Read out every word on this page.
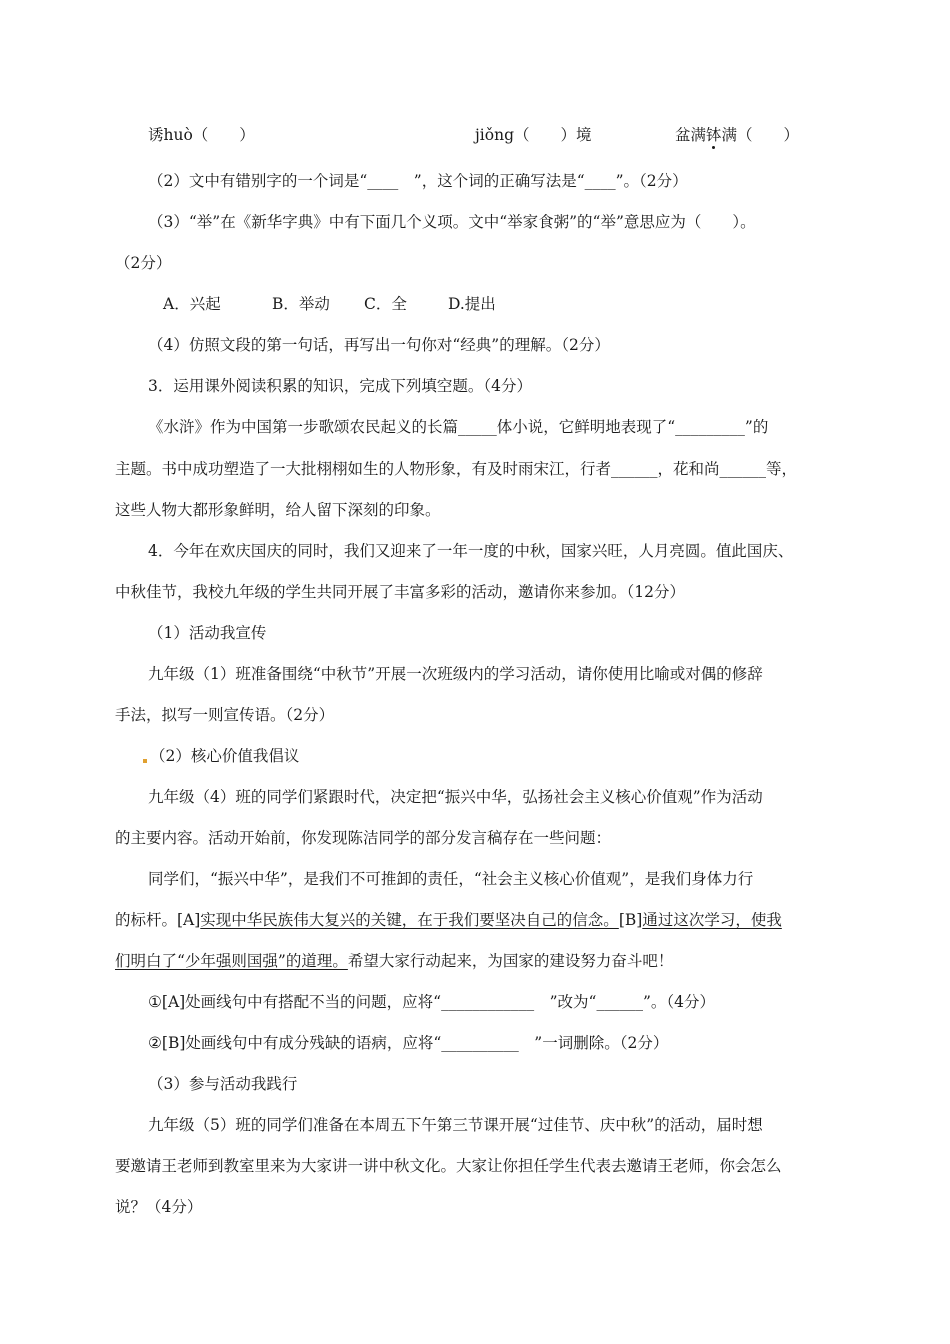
诱huò（　　）	jiǒng（　　）境	盆满钵满（　　）
（2）文中有错别字的一个词是“____　”，这个词的正确写法是“____”。（2分）
（3）“举”在《新华字典》中有下面几个义项。文中“举家食粥”的“举”意思应为（　　）。
（2分）
A．兴起	B．举动 C．全	D.提出
（4）仿照文段的第一句话，再写出一句你对“经典”的理解。（2分）
3．运用课外阅读积累的知识，完成下列填空题。（4分）
《水浒》作为中国第一步歌颂农民起义的长篇_____体小说，它鲜明地表现了“_________”的
主题。书中成功塑造了一大批栩栩如生的人物形象，有及时雨宋江，行者______，花和尚______等，
这些人物大都形象鲜明，给人留下深刻的印象。
4．今年在欢庆国庆的同时，我们又迎来了一年一度的中秋，国家兴旺，人月亮圆。值此国庆、
中秋佳节，我校九年级的学生共同开展了丰富多彩的活动，邀请你来参加。（12分）
（1）活动我宣传
九年级（1）班准备围绕“中秋节”开展一次班级内的学习活动，请你使用比喻或对偶的修辞
手法，拟写一则宣传语。（2分）
（2）核心价值我倡议
九年级（4）班的同学们紧跟时代，决定把“振兴中华，弘扬社会主义核心价值观”作为活动
的主要内容。活动开始前，你发现陈洁同学的部分发言稿存在一些问题：
同学们，“振兴中华”，是我们不可推卸的责任，“社会主义核心价值观”，是我们身体力行
的标杆。[A]实现中华民族伟大复兴的关键，在于我们要坚决自己的信念。[B]通过这次学习，使我
们明白了“少年强则国强”的道理。希望大家行动起来，为国家的建设努力奋斗吧！
①[A]处画线句中有搭配不当的问题，应将“____________　”改为“______”。（4分）
②[B]处画线句中有成分残缺的语病，应将“__________　”一词删除。（2分）
（3）参与活动我践行
九年级（5）班的同学们准备在本周五下午第三节课开展“过佳节、庆中秋”的活动，届时想
要邀请王老师到教室里来为大家讲一讲中秋文化。大家让你担任学生代表去邀请王老师，你会怎么
说？（4分）
